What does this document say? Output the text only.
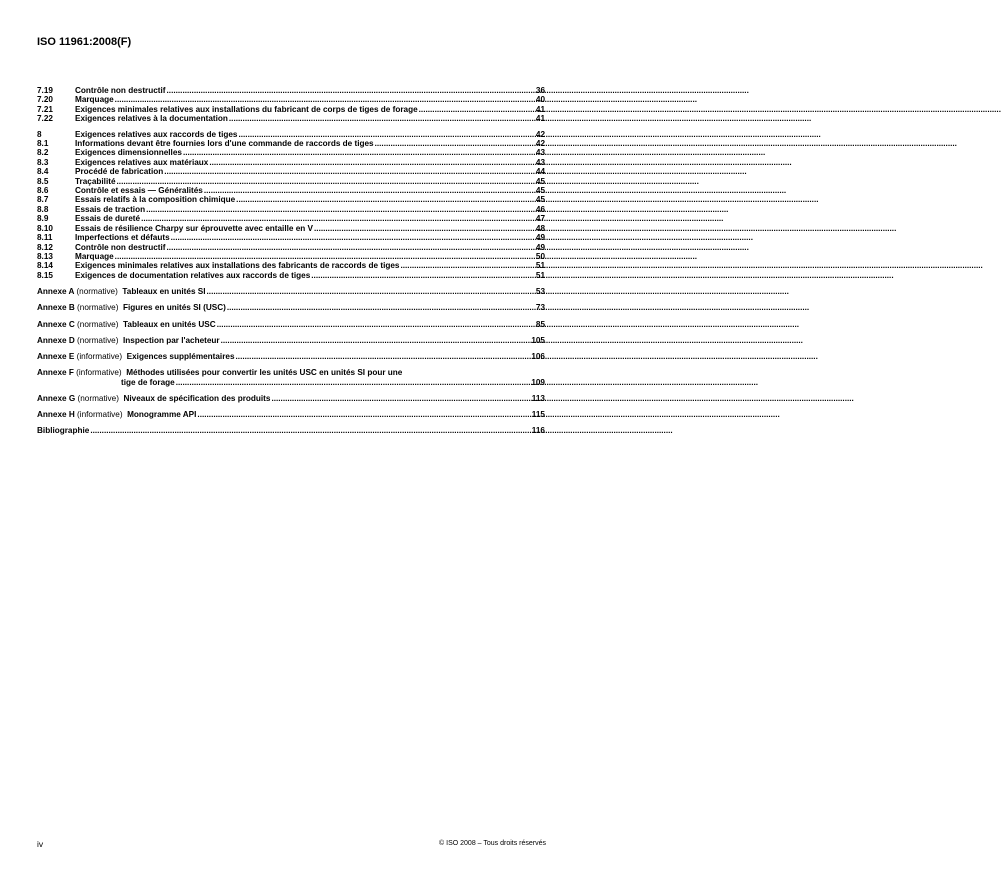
ISO 11961:2008(F)
7.19	Contrôle non destructif .....	36
7.20	Marquage .....	40
7.21	Exigences minimales relatives aux installations du fabricant de corps de tiges de forage .....	41
7.22	Exigences relatives à la documentation .....	41
8	Exigences relatives aux raccords de tiges .....	42
8.1	Informations devant être fournies lors d'une commande de raccords de tiges .....	42
8.2	Exigences dimensionnelles .....	43
8.3	Exigences relatives aux matériaux .....	43
8.4	Procédé de fabrication .....	44
8.5	Traçabilité .....	45
8.6	Contrôle et essais — Généralités .....	45
8.7	Essais relatifs à la composition chimique .....	45
8.8	Essais de traction .....	46
8.9	Essais de dureté .....	47
8.10	Essais de résilience Charpy sur éprouvette avec entaille en V .....	48
8.11	Imperfections et défauts .....	49
8.12	Contrôle non destructif .....	49
8.13	Marquage .....	50
8.14	Exigences minimales relatives aux installations des fabricants de raccords de tiges .....	51
8.15	Exigences de documentation relatives aux raccords de tiges .....	51
Annexe A (normative) Tableaux en unités SI .....	53
Annexe B (normative) Figures en unités SI (USC) .....	73
Annexe C (normative) Tableaux en unités USC .....	85
Annexe D (normative) Inspection par l'acheteur .....	105
Annexe E (informative) Exigences supplémentaires .....	106
Annexe F (informative) Méthodes utilisées pour convertir les unités USC en unités SI pour une
tige de forage .....	109
Annexe G (normative) Niveaux de spécification des produits .....	113
Annexe H (informative) Monogramme API .....	115
Bibliographie .....	116
iv	© ISO 2008 – Tous droits réservés
